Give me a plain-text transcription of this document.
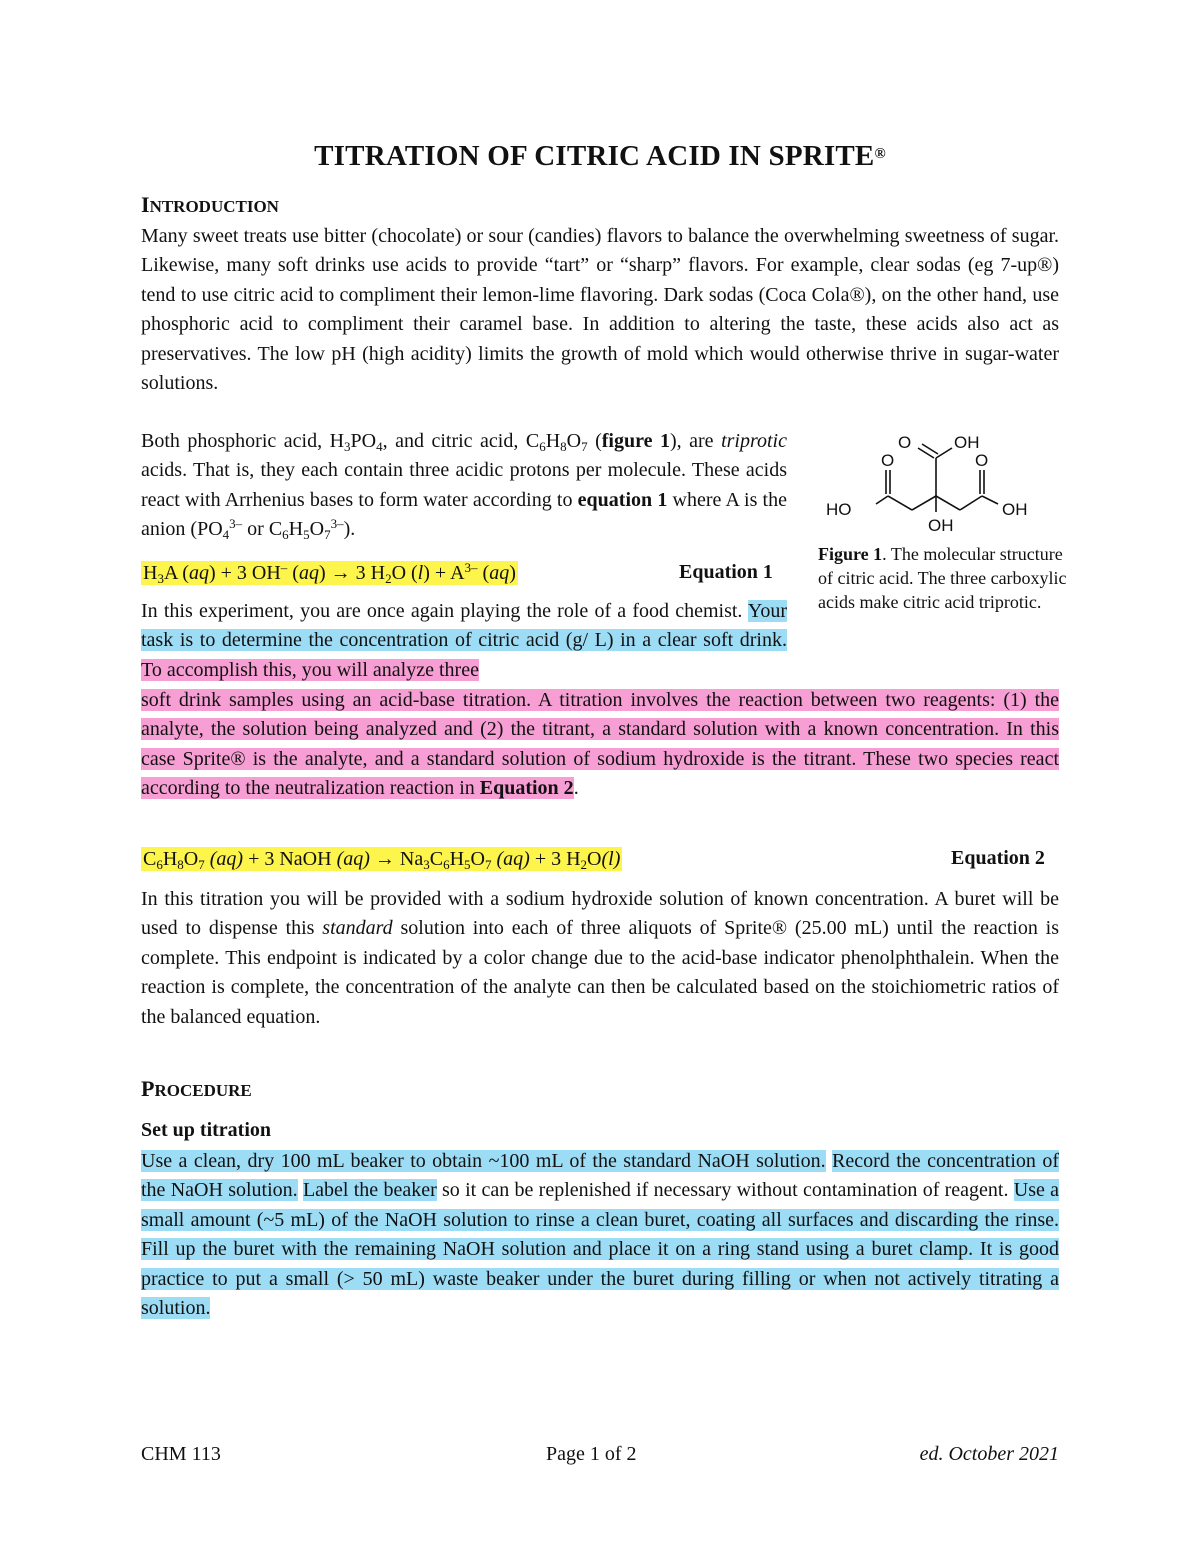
TITRATION OF CITRIC ACID IN SPRITE®
INTRODUCTION
Many sweet treats use bitter (chocolate) or sour (candies) flavors to balance the overwhelming sweetness of sugar. Likewise, many soft drinks use acids to provide “tart” or “sharp” flavors. For example, clear sodas (eg 7-up®) tend to use citric acid to compliment their lemon-lime flavoring. Dark sodas (Coca Cola®), on the other hand, use phosphoric acid to compliment their caramel base. In addition to altering the taste, these acids also act as preservatives. The low pH (high acidity) limits the growth of mold which would otherwise thrive in sugar-water solutions.
Both phosphoric acid, $H_3PO_4$, and citric acid, $C_6H_8O_7$ (figure 1), are triprotic acids. That is, they each contain three acidic protons per molecule. These acids react with Arrhenius bases to form water according to equation 1 where A is the anion ($PO_4^{3-}$ or $C_6H_5O_7^{3-}$).
$H_3A$ (aq) + 3 OH– (aq) → 3 $H_2O$ $(l) + A^{3-}$ (aq)	Equation 1
O	OH
O	O
HO	OH
OH
Figure 1. The molecular structure of citric acid. The three carboxylic acids make citric acid triprotic.
In this experiment, you are once again playing the role of a food chemist. Your task is to determine the concentration of citric acid (g/ L) in a clear soft drink. To accomplish this, you will analyze three
soft drink samples using an acid-base titration. A titration involves the reaction between two reagents: (1) the analyte, the solution being analyzed and (2) the titrant, a standard solution with a known concentration. In this case Sprite® is the analyte, and a standard solution of sodium hydroxide is the titrant. These two species react according to the neutralization reaction in Equation 2.
$C_6H_8O_7$ (aq) + 3 NaOH $(aq) \to Na_3C_6H_5O_7$ (aq) + 3 $H_2O(l)$	Equation 2
In this titration you will be provided with a sodium hydroxide solution of known concentration. A buret will be used to dispense this standard solution into each of three aliquots of Sprite® (25.00 mL) until the reaction is complete. This endpoint is indicated by a color change due to the acid-base indicator phenolphthalein. When the reaction is complete, the concentration of the analyte can then be calculated based on the stoichiometric ratios of the balanced equation.
PROCEDURE
Set up titration
Use a clean, dry 100 mL beaker to obtain ~100 mL of the standard NaOH solution. Record the concentration of the NaOH solution. Label the beaker so it can be replenished if necessary without contamination of reagent. Use a small amount (~5 mL) of the NaOH solution to rinse a clean buret, coating all surfaces and discarding the rinse. Fill up the buret with the remaining NaOH solution and place it on a ring stand using a buret clamp. It is good practice to put a small (> 50 mL) waste beaker under the buret during filling or when not actively titrating a solution.
CHM 113	Page 1 of 2	ed. October 2021
